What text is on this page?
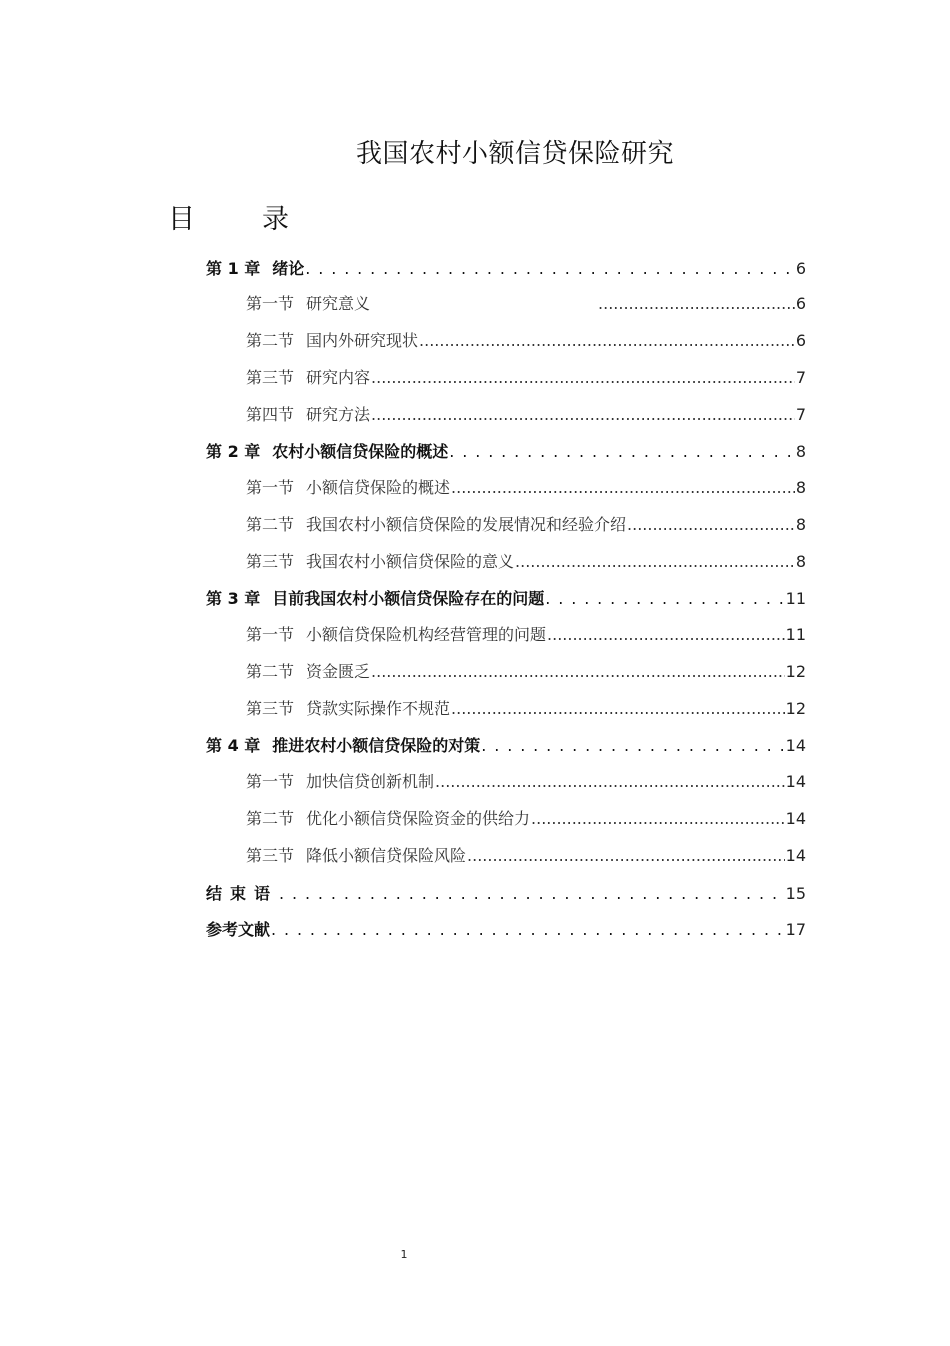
我国农村小额信贷保险研究
目　录
第 1 章 绪论 . . .	6
第一节 研究意义 .....	6
第二节 国内外研究现状 .....	6
第三节 研究内容 .....	7
第四节 研究方法 .....	7
第 2 章 农村小额信贷保险的概述 . . .	8
第一节 小额信贷保险的概述 .....	8
第二节 我国农村小额信贷保险的发展情况和经验介绍 .....	8
第三节 我国农村小额信贷保险的意义 .....	8
第 3 章 目前我国农村小额信贷保险存在的问题 . . .	11
第一节 小额信贷保险机构经营管理的问题 .....	11
第二节 资金匮乏 .....	12
第三节 贷款实际操作不规范 .....	12
第 4 章 推进农村小额信贷保险的对策 . . .	14
第一节 加快信贷创新机制 .....	14
第二节 优化小额信贷保险资金的供给力 .....	14
第三节 降低小额信贷保险风险 .....	14
结束语 . . .	15
参考文献 . . .	17
1
